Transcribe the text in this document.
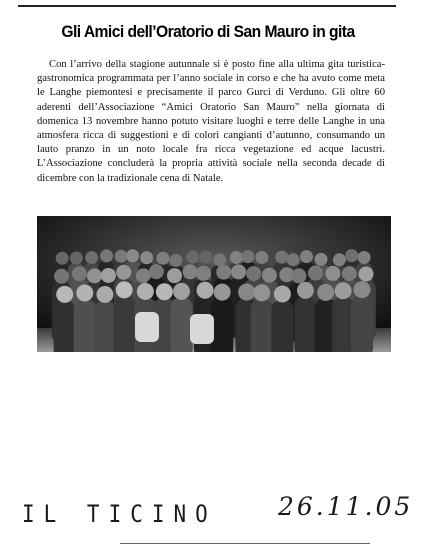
Gli Amici dell’Oratorio di San Mauro in gita

Con l’arrivo della stagione autunnale si è posto fine alla ultima gita turistica-gastronomica programmata per l’anno sociale in corso e che ha avuto come meta le Langhe piemontesi e precisamente il parco Gurci di Verduno. Gli oltre 60 aderenti dell’Associazione “Amici Oratorio San Mauro” nella giornata di domenica 13 novembre hanno potuto visitare luoghi e terre delle Langhe in una atmosfera ricca di suggestioni e di colori cangianti d’autunno, consumando un lauto pranzo in un noto locale fra ricca vegetazione ed acque lacustri. L’Associazione concluderà la propria attività sociale nella seconda decade di dicembre con la tradizionale cena di Natale.

IL TICINO 26.11.05
